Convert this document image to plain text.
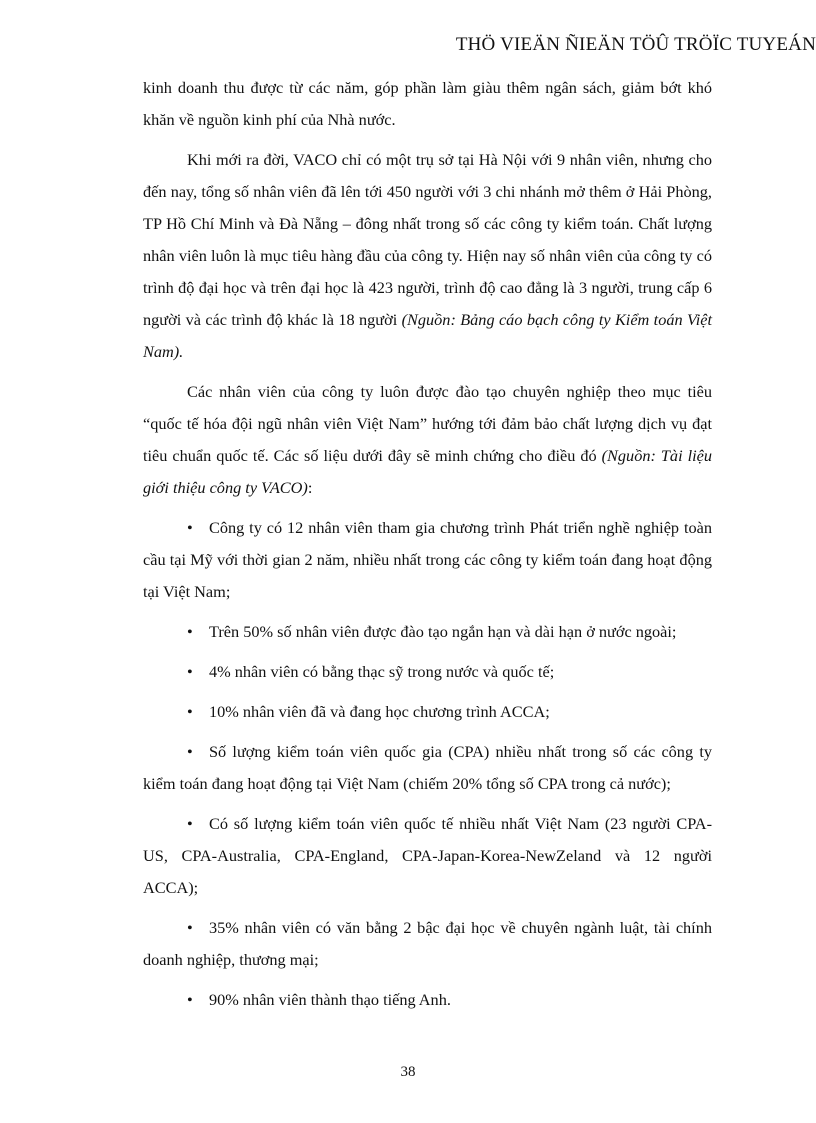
THÖ VIEÄN ÑIEÄN TÖÛ TRÖÏC TUYEÁN

kinh doanh thu được từ các năm, góp phần làm giàu thêm ngân sách, giảm bớt khó khăn về nguồn kinh phí của Nhà nước.

Khi mới ra đời, VACO chỉ có một trụ sở tại Hà Nội với 9 nhân viên, nhưng cho đến nay, tổng số nhân viên đã lên tới 450 người với 3 chi nhánh mở thêm ở Hải Phòng, TP Hồ Chí Minh và Đà Nẵng – đông nhất trong số các công ty kiểm toán. Chất lượng nhân viên luôn là mục tiêu hàng đầu của công ty. Hiện nay số nhân viên của công ty có trình độ đại học và trên đại học là 423 người, trình độ cao đẳng là 3 người, trung cấp 6 người và các trình độ khác là 18 người (Nguồn: Bảng cáo bạch công ty Kiểm toán Việt Nam).

Các nhân viên của công ty luôn được đào tạo chuyên nghiệp theo mục tiêu “quốc tế hóa đội ngũ nhân viên Việt Nam” hướng tới đảm bảo chất lượng dịch vụ đạt tiêu chuẩn quốc tế. Các số liệu dưới đây sẽ minh chứng cho điều đó (Nguồn: Tài liệu giới thiệu công ty VACO):

• Công ty có 12 nhân viên tham gia chương trình Phát triển nghề nghiệp toàn cầu tại Mỹ với thời gian 2 năm, nhiều nhất trong các công ty kiểm toán đang hoạt động tại Việt Nam;

• Trên 50% số nhân viên được đào tạo ngắn hạn và dài hạn ở nước ngoài;

• 4% nhân viên có bằng thạc sỹ trong nước và quốc tế;

• 10% nhân viên đã và đang học chương trình ACCA;

• Số lượng kiểm toán viên quốc gia (CPA) nhiều nhất trong số các công ty kiểm toán đang hoạt động tại Việt Nam (chiếm 20% tổng số CPA trong cả nước);

• Có số lượng kiểm toán viên quốc tế nhiều nhất Việt Nam (23 người CPA-US, CPA-Australia, CPA-England, CPA-Japan-Korea-NewZeland và 12 người ACCA);

• 35% nhân viên có văn bằng 2 bậc đại học về chuyên ngành luật, tài chính doanh nghiệp, thương mại;

• 90% nhân viên thành thạo tiếng Anh.

38
